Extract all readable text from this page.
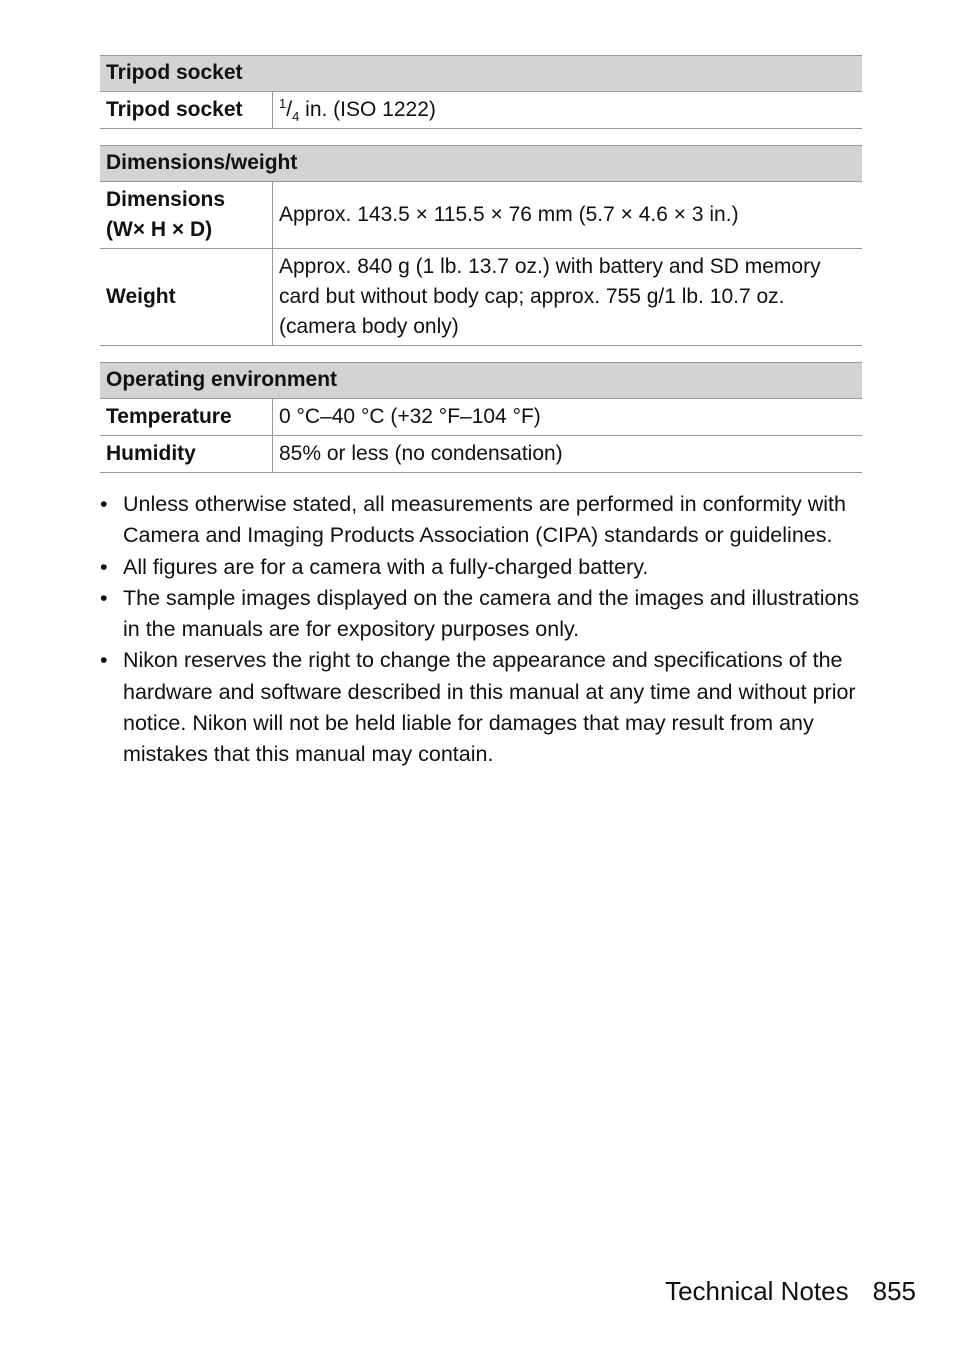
Tripod socket
Tripod socket	$^1/_4$ in. (ISO 1222)
Dimensions/weight	
Dimensions
(W× H × D)	Approx. 143.5 × 115.5 × 76 mm (5.7 × 4.6 × 3 in.)
Weight	Approx. 840 g (1 lb. 13.7 oz.) with battery and SD memory card but without body cap; approx. 755 g/1 lb. 10.7 oz. (camera body only)
Operating environment	
Temperature	0 °C–40 °C (+32 °F–104 °F)
Humidity	85% or less (no condensation)
• Unless otherwise stated, all measurements are performed in conformity with Camera and Imaging Products Association (CIPA) standards or guidelines.
• All figures are for a camera with a fully-charged battery.
• The sample images displayed on the camera and the images and illustrations in the manuals are for expository purposes only.
• Nikon reserves the right to change the appearance and specifications of the hardware and software described in this manual at any time and without prior notice. Nikon will not be held liable for damages that may result from any mistakes that this manual may contain.
Technical Notes 855
